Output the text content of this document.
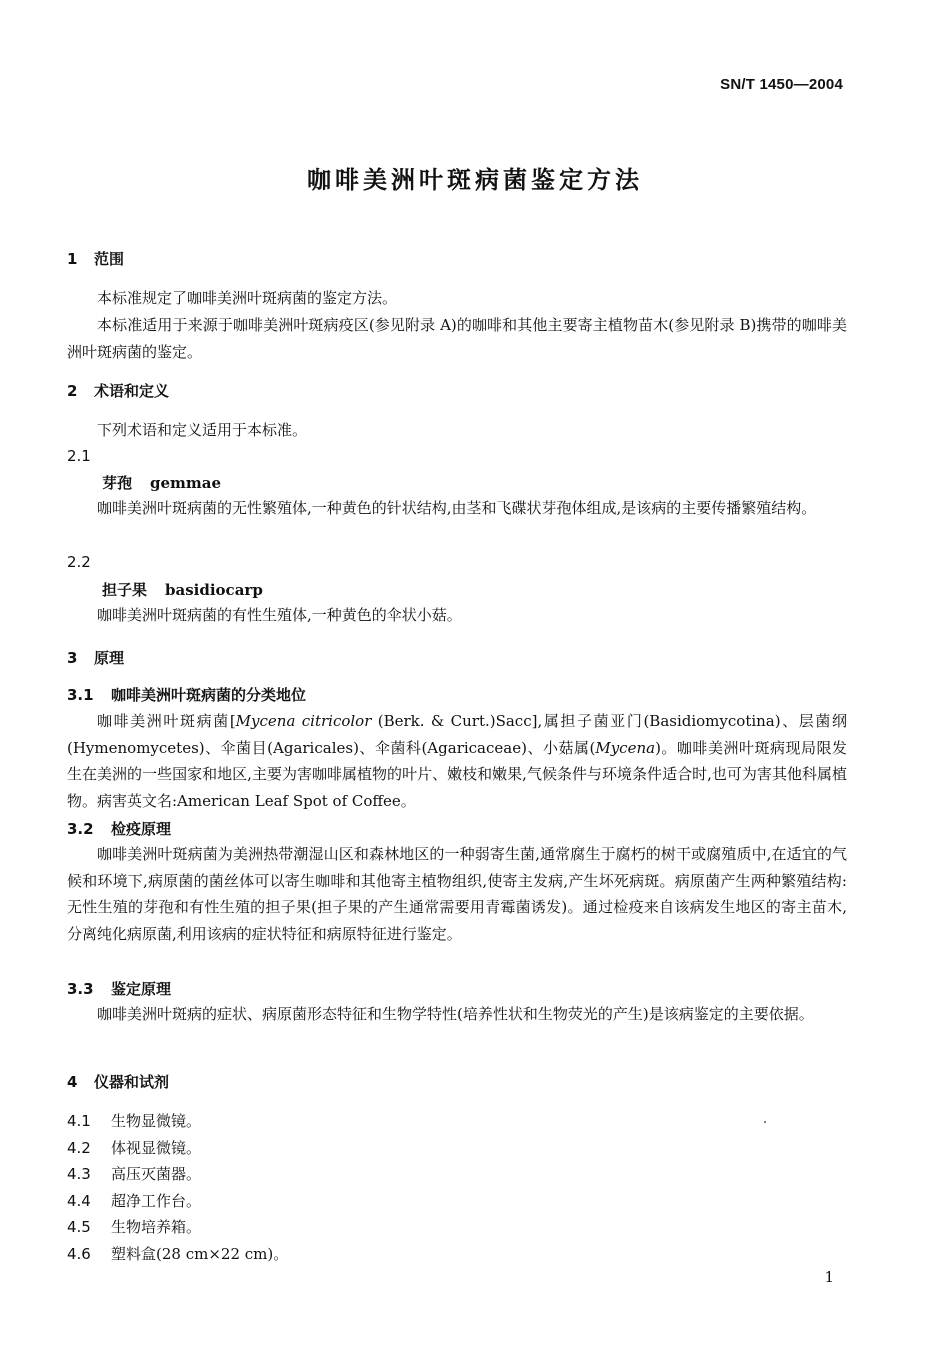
SN/T 1450—2004
咖啡美洲叶斑病菌鉴定方法
1 范围
本标准规定了咖啡美洲叶斑病菌的鉴定方法。
本标准适用于来源于咖啡美洲叶斑病疫区(参见附录 A)的咖啡和其他主要寄主植物苗木(参见附录 B)携带的咖啡美洲叶斑病菌的鉴定。
2 术语和定义
下列术语和定义适用于本标准。
2.1
芽孢 gemmae
咖啡美洲叶斑病菌的无性繁殖体,一种黄色的针状结构,由茎和飞碟状芽孢体组成,是该病的主要传播繁殖结构。
2.2
担子果 basidiocarp
咖啡美洲叶斑病菌的有性生殖体,一种黄色的伞状小菇。
3 原理
3.1 咖啡美洲叶斑病菌的分类地位
咖啡美洲叶斑病菌[Mycena citricolor (Berk. & Curt.)Sacc],属担子菌亚门(Basidiomycotina)、层菌纲(Hymenomycetes)、伞菌目(Agaricales)、伞菌科(Agaricaceae)、小菇属(Mycena)。咖啡美洲叶斑病现局限发生在美洲的一些国家和地区,主要为害咖啡属植物的叶片、嫩枝和嫩果,气候条件与环境条件适合时,也可为害其他科属植物。病害英文名:American Leaf Spot of Coffee。
3.2 检疫原理
咖啡美洲叶斑病菌为美洲热带潮湿山区和森林地区的一种弱寄生菌,通常腐生于腐朽的树干或腐殖质中,在适宜的气候和环境下,病原菌的菌丝体可以寄生咖啡和其他寄主植物组织,使寄主发病,产生坏死病斑。病原菌产生两种繁殖结构:无性生殖的芽孢和有性生殖的担子果(担子果的产生通常需要用青霉菌诱发)。通过检疫来自该病发生地区的寄主苗木,分离纯化病原菌,利用该病的症状特征和病原特征进行鉴定。
3.3 鉴定原理
咖啡美洲叶斑病的症状、病原菌形态特征和生物学特性(培养性状和生物荧光的产生)是该病鉴定的主要依据。
4 仪器和试剂
4.1 生物显微镜。
4.2 体视显微镜。
4.3 高压灭菌器。
4.4 超净工作台。
4.5 生物培养箱。
4.6 塑料盒(28 cm×22 cm)。
1
